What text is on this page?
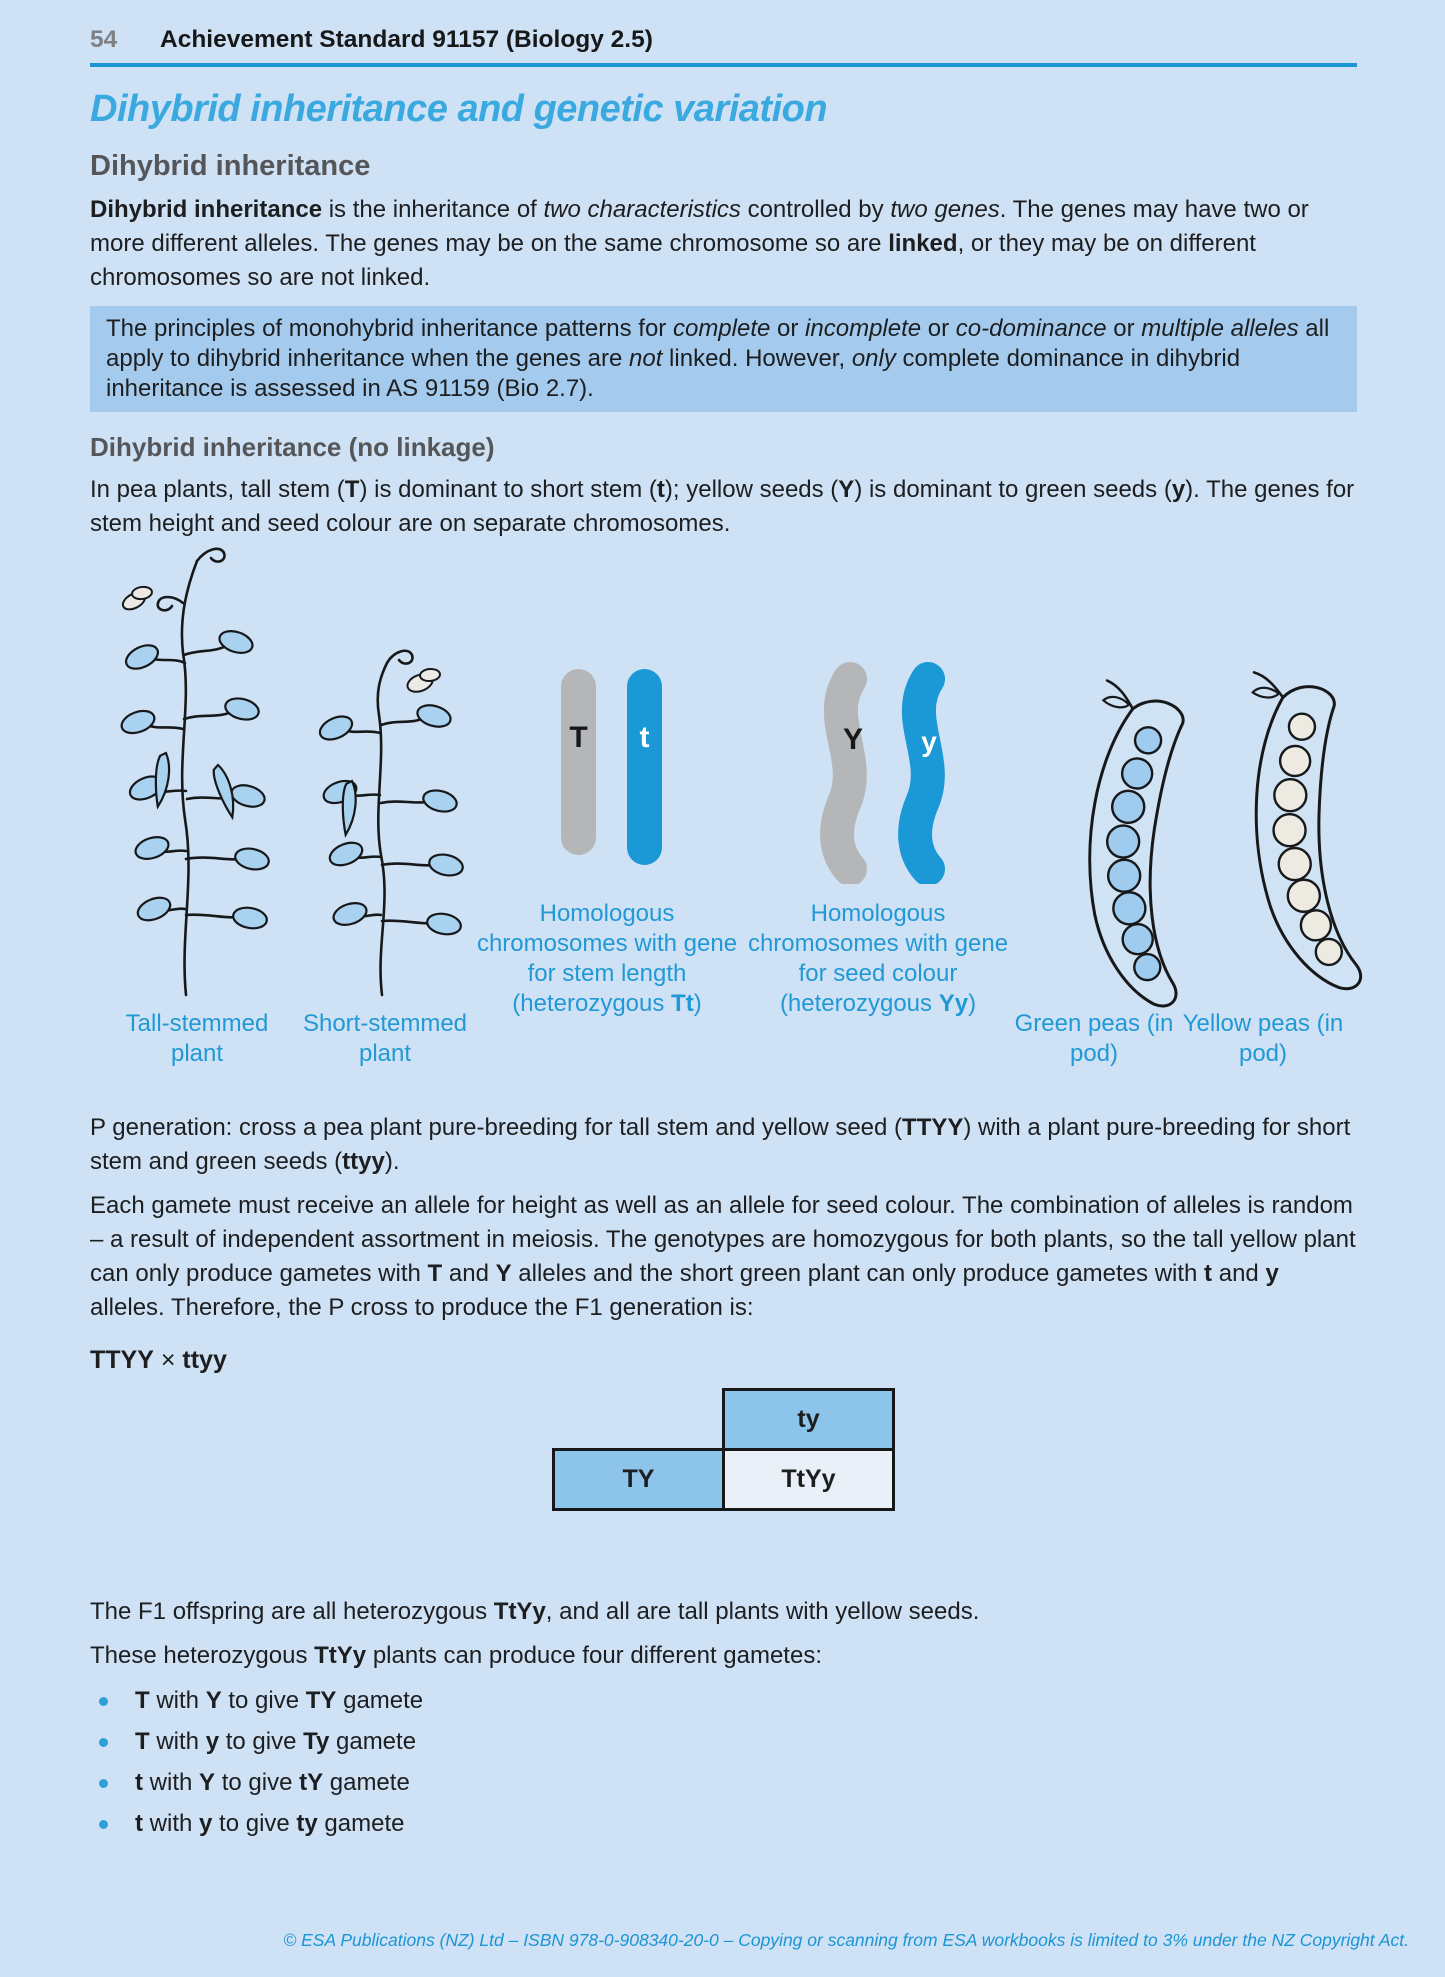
54	Achievement Standard 91157 (Biology 2.5)
Dihybrid inheritance and genetic variation
Dihybrid inheritance

Dihybrid inheritance is the inheritance of two characteristics controlled by two genes. The genes may have two or more different alleles. The genes may be on the same chromosome so are linked, or they may be on different chromosomes so are not linked.

The principles of monohybrid inheritance patterns for complete or incomplete or co-dominance or multiple alleles all apply to dihybrid inheritance when the genes are not linked. However, only complete dominance in dihybrid inheritance is assessed in AS 91159 (Bio 2.7).

Dihybrid inheritance (no linkage)

In pea plants, tall stem (T) is dominant to short stem (t); yellow seeds (Y) is dominant to green seeds (y). The genes for stem height and seed colour are on separate chromosomes.

T t	Y y
Homologous chromosomes with gene for stem length (heterozygous Tt)
Homologous chromosomes with gene for seed colour (heterozygous Yy)
Tall-stemmed plant
Short-stemmed plant
Green peas (in pod)
Yellow peas (in pod)

P generation: cross a pea plant pure-breeding for tall stem and yellow seed (TTYY) with a plant pure-breeding for short stem and green seeds (ttyy).

Each gamete must receive an allele for height as well as an allele for seed colour. The combination of alleles is random – a result of independent assortment in meiosis. The genotypes are homozygous for both plants, so the tall yellow plant can only produce gametes with T and Y alleles and the short green plant can only produce gametes with t and y alleles. Therefore, the P cross to produce the F1 generation is:

TTYY × ttyy

	ty
TY	TtYy

The F1 offspring are all heterozygous TtYy, and all are tall plants with yellow seeds.

These heterozygous TtYy plants can produce four different gametes:

T with Y to give TY gamete
T with y to give Ty gamete
t with Y to give tY gamete
t with y to give ty gamete
© ESA Publications (NZ) Ltd – ISBN 978-0-908340-20-0 – Copying or scanning from ESA workbooks is limited to 3% under the NZ Copyright Act.
